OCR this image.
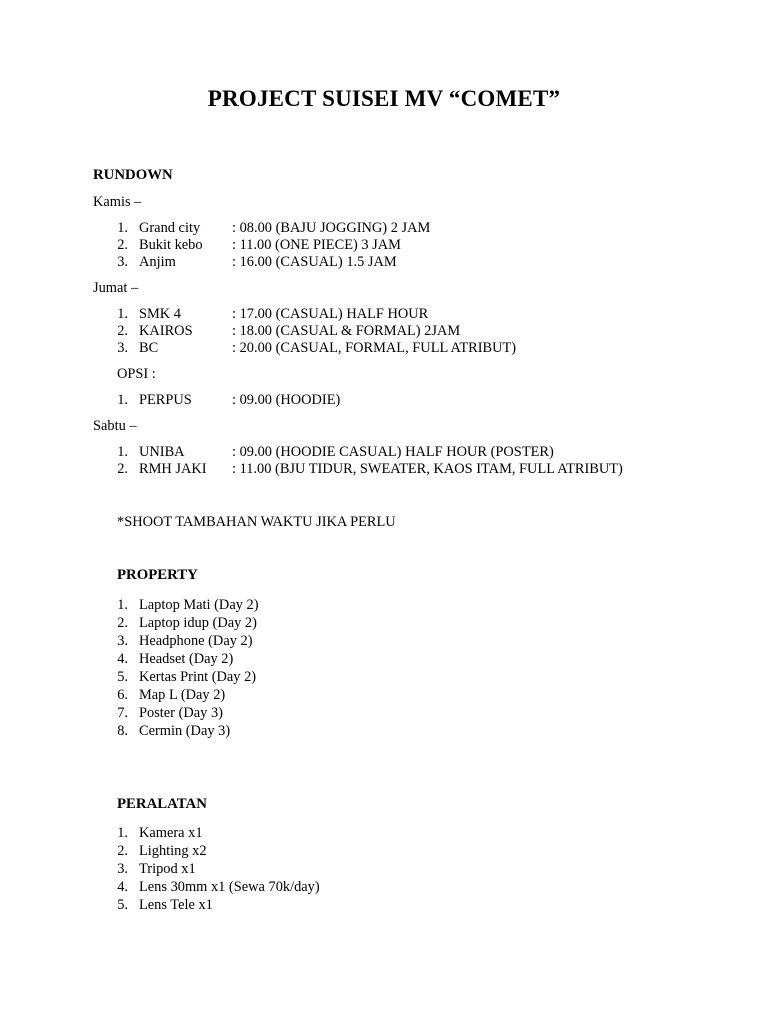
PROJECT SUISEI MV “COMET”
RUNDOWN
Kamis –
1. Grand city : 08.00 (BAJU JOGGING) 2 JAM
2. Bukit kebo : 11.00 (ONE PIECE) 3 JAM
3. Anjim	: 16.00 (CASUAL) 1.5 JAM
Jumat –
1. SMK 4	: 17.00 (CASUAL) HALF HOUR
2. KAIROS	: 18.00 (CASUAL & FORMAL) 2JAM
3. BC	: 20.00 (CASUAL, FORMAL, FULL ATRIBUT)
OPSI :
1. PERPUS	: 09.00 (HOODIE)
Sabtu –
1. UNIBA	: 09.00 (HOODIE CASUAL) HALF HOUR (POSTER)
2. RMH JAKI : 11.00 (BJU TIDUR, SWEATER, KAOS ITAM, FULL ATRIBUT)
*SHOOT TAMBAHAN WAKTU JIKA PERLU
PROPERTY
1. Laptop Mati (Day 2)
2. Laptop idup (Day 2)
3. Headphone (Day 2)
4. Headset (Day 2)
5. Kertas Print (Day 2)
6. Map L (Day 2)
7. Poster (Day 3)
8. Cermin (Day 3)
PERALATAN
1. Kamera x1
2. Lighting x2
3. Tripod x1
4. Lens 30mm x1 (Sewa 70k/day)
5. Lens Tele x1
